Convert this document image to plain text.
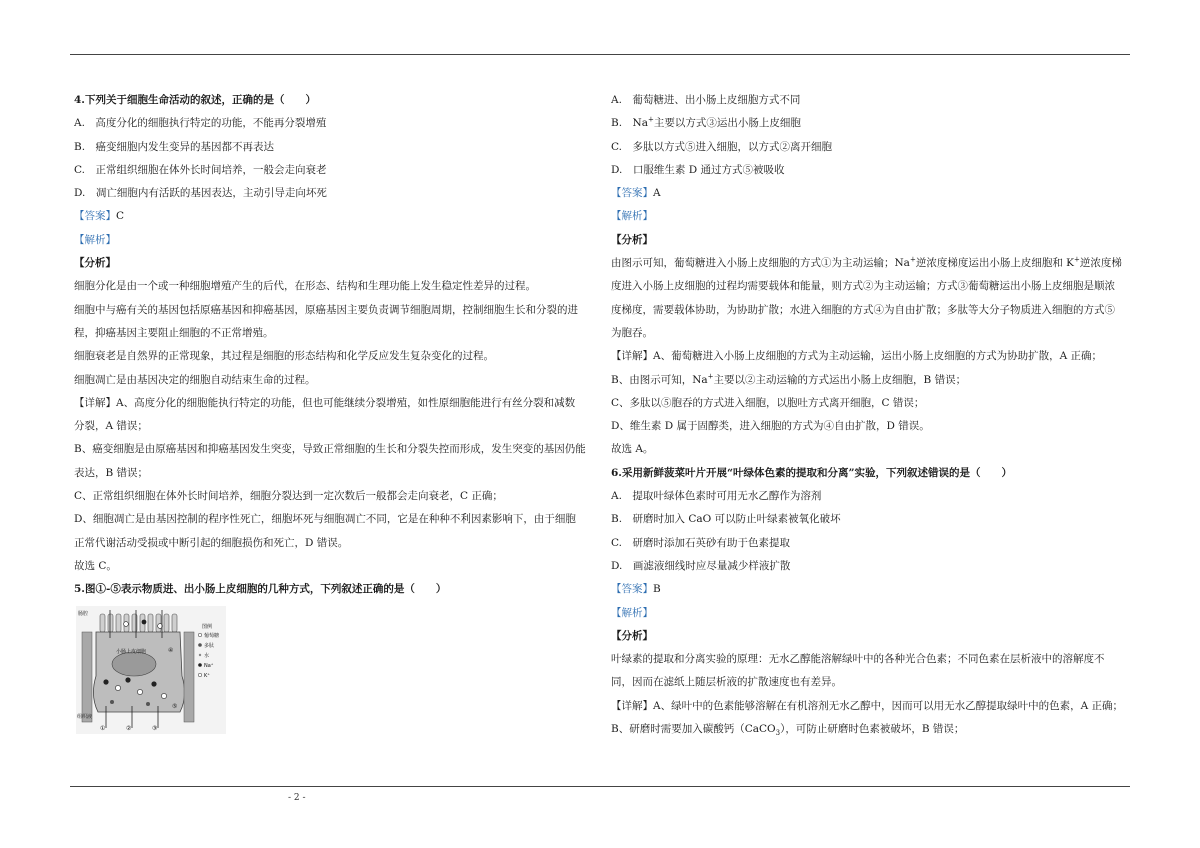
4.下列关于细胞生命活动的叙述，正确的是（　　）
A.　高度分化的细胞执行特定的功能，不能再分裂增殖
B.　癌变细胞内发生变异的基因都不再表达
C.　正常组织细胞在体外长时间培养，一般会走向衰老
D.　凋亡细胞内有活跃的基因表达，主动引导走向坏死
【答案】C
【解析】
【分析】
细胞分化是由一个或一种细胞增殖产生的后代，在形态、结构和生理功能上发生稳定性差异的过程。
细胞中与癌有关的基因包括原癌基因和抑癌基因，原癌基因主要负责调节细胞周期，控制细胞生长和分裂的进
程，抑癌基因主要阻止细胞的不正常增殖。
细胞衰老是自然界的正常现象，其过程是细胞的形态结构和化学反应发生复杂变化的过程。
细胞凋亡是由基因决定的细胞自动结束生命的过程。
【详解】A、高度分化的细胞能执行特定的功能，但也可能继续分裂增殖，如性原细胞能进行有丝分裂和减数
分裂，A 错误；
B、癌变细胞是由原癌基因和抑癌基因发生突变，导致正常细胞的生长和分裂失控而形成，发生突变的基因仍能
表达，B 错误；
C、正常组织细胞在体外长时间培养，细胞分裂达到一定次数后一般都会走向衰老，C 正确；
D、细胞凋亡是由基因控制的程序性死亡，细胞坏死与细胞凋亡不同，它是在种种不利因素影响下，由于细胞
正常代谢活动受损或中断引起的细胞损伤和死亡，D 错误。
故选 C。
5.图①-⑤表示物质进、出小肠上皮细胞的几种方式，下列叙述正确的是（　　）
肠腔
小肠上皮细胞
组织液
①	②	③
④
⑤
图例
葡萄糖
多肽
水
Na⁺
K⁺
A.　葡萄糖进、出小肠上皮细胞方式不同
B.　Na+主要以方式③运出小肠上皮细胞
C.　多肽以方式⑤进入细胞，以方式②离开细胞
D.　口服维生素 D 通过方式⑤被吸收
【答案】A
【解析】
【分析】
由图示可知，葡萄糖进入小肠上皮细胞的方式①为主动运输；Na+逆浓度梯度运出小肠上皮细胞和 K+逆浓度梯
度进入小肠上皮细胞的过程均需要载体和能量，则方式②为主动运输；方式③葡萄糖运出小肠上皮细胞是顺浓
度梯度，需要载体协助，为协助扩散；水进入细胞的方式④为自由扩散；多肽等大分子物质进入细胞的方式⑤
为胞吞。
【详解】A、葡萄糖进入小肠上皮细胞的方式为主动运输，运出小肠上皮细胞的方式为协助扩散，A 正确；
B、由图示可知，Na+主要以②主动运输的方式运出小肠上皮细胞，B 错误；
C、多肽以⑤胞吞的方式进入细胞，以胞吐方式离开细胞，C 错误；
D、维生素 D 属于固醇类，进入细胞的方式为④自由扩散，D 错误。
故选 A。
6.采用新鲜菠菜叶片开展“叶绿体色素的提取和分离”实验，下列叙述错误的是（　　）
A.　提取叶绿体色素时可用无水乙醇作为溶剂
B.　研磨时加入 CaO 可以防止叶绿素被氧化破坏
C.　研磨时添加石英砂有助于色素提取
D.　画滤液细线时应尽量减少样液扩散
【答案】B
【解析】
【分析】
叶绿素的提取和分离实验的原理：无水乙醇能溶解绿叶中的各种光合色素；不同色素在层析液中的溶解度不
同，因而在滤纸上随层析液的扩散速度也有差异。
【详解】A、绿叶中的色素能够溶解在有机溶剂无水乙醇中，因而可以用无水乙醇提取绿叶中的色素，A 正确；
B、研磨时需要加入碳酸钙（CaCO$_3$），可防止研磨时色素被破坏，B 错误；
- 2 -
